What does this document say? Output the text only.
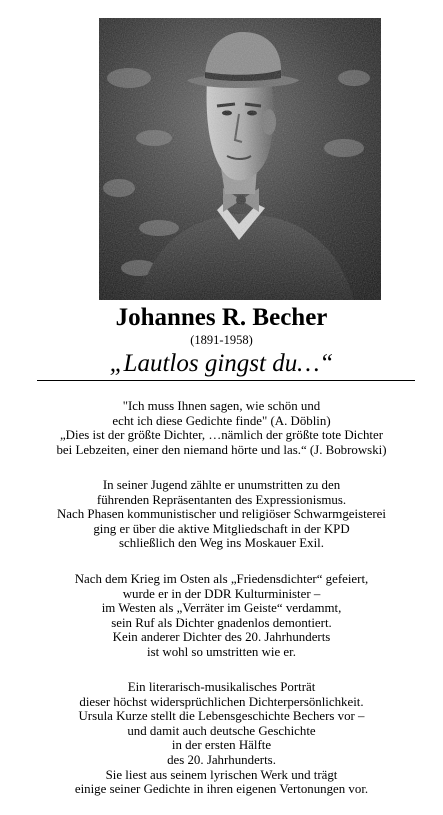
Johannes R. Becher
(1891-1958)
„Lautlos gingst du…“
"Ich muss Ihnen sagen, wie schön und
echt ich diese Gedichte finde" (A. Döblin)
„Dies ist der größte Dichter, …nämlich der größte tote Dichter
bei Lebzeiten, einer den niemand hörte und las.“ (J. Bobrowski)
In seiner Jugend zählte er unumstritten zu den
führenden Repräsentanten des Expressionismus.
Nach Phasen kommunistischer und religiöser Schwarmgeisterei
ging er über die aktive Mitgliedschaft in der KPD
schließlich den Weg ins Moskauer Exil.
Nach dem Krieg im Osten als „Friedensdichter“ gefeiert,
wurde er in der DDR Kulturminister –
im Westen als „Verräter im Geiste“ verdammt,
sein Ruf als Dichter gnadenlos demontiert.
Kein anderer Dichter des 20. Jahrhunderts
ist wohl so umstritten wie er.
Ein literarisch-musikalisches Porträt
dieser höchst widersprüchlichen Dichterpersönlichkeit.
Ursula Kurze stellt die Lebensgeschichte Bechers vor –
und damit auch deutsche Geschichte
in der ersten Hälfte
des 20. Jahrhunderts.
Sie liest aus seinem lyrischen Werk und trägt
einige seiner Gedichte in ihren eigenen Vertonungen vor.
